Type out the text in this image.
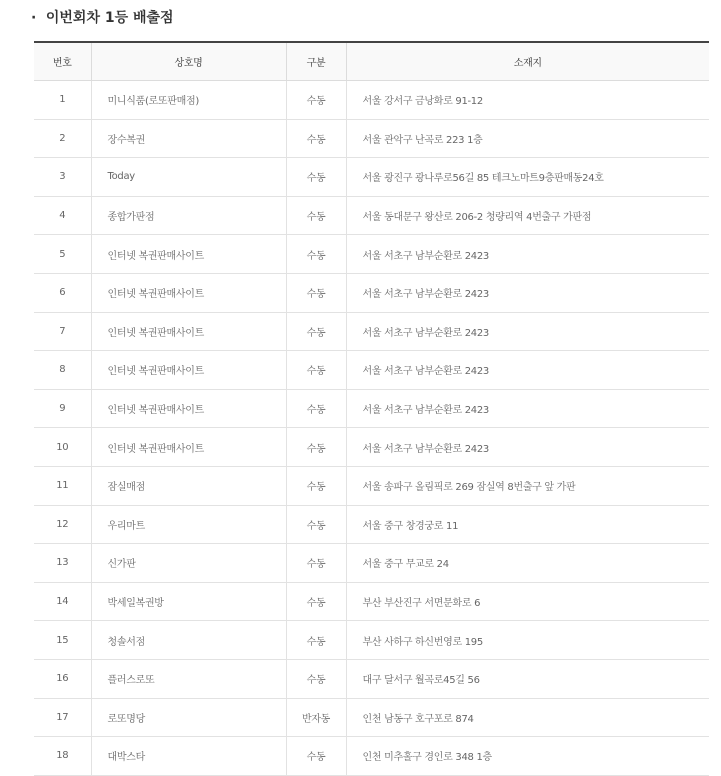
· 이번회차 1등 배출점
번호	상호명	구분	소재지
1	미니식품(로또판매점)	수동	서울 강서구 금낭화로 91-12
2	장수복권	수동	서울 관악구 난곡로 223 1층
3	Today	수동	서울 광진구 광나루로56길 85 테크노마트9층판매동24호
4	종합가판점	수동	서울 동대문구 왕산로 206-2 청량리역 4번출구 가판점
5	인터넷 복권판매사이트	수동	서울 서초구 남부순환로 2423
6	인터넷 복권판매사이트	수동	서울 서초구 남부순환로 2423
7	인터넷 복권판매사이트	수동	서울 서초구 남부순환로 2423
8	인터넷 복권판매사이트	수동	서울 서초구 남부순환로 2423
9	인터넷 복권판매사이트	수동	서울 서초구 남부순환로 2423
10	인터넷 복권판매사이트	수동	서울 서초구 남부순환로 2423
11	잠실매점	수동	서울 송파구 올림픽로 269 잠실역 8번출구 앞 가판
12	우리마트	수동	서울 중구 창경궁로 11
13	신가판	수동	서울 중구 무교로 24
14	박세일복권방	수동	부산 부산진구 서면문화로 6
15	청솔서점	수동	부산 사하구 하신번영로 195
16	플러스로또	수동	대구 달서구 월곡로45길 56
17	로또명당	반자동	인천 남동구 호구포로 874
18	대박스타	수동	인천 미추홀구 경인로 348 1층
